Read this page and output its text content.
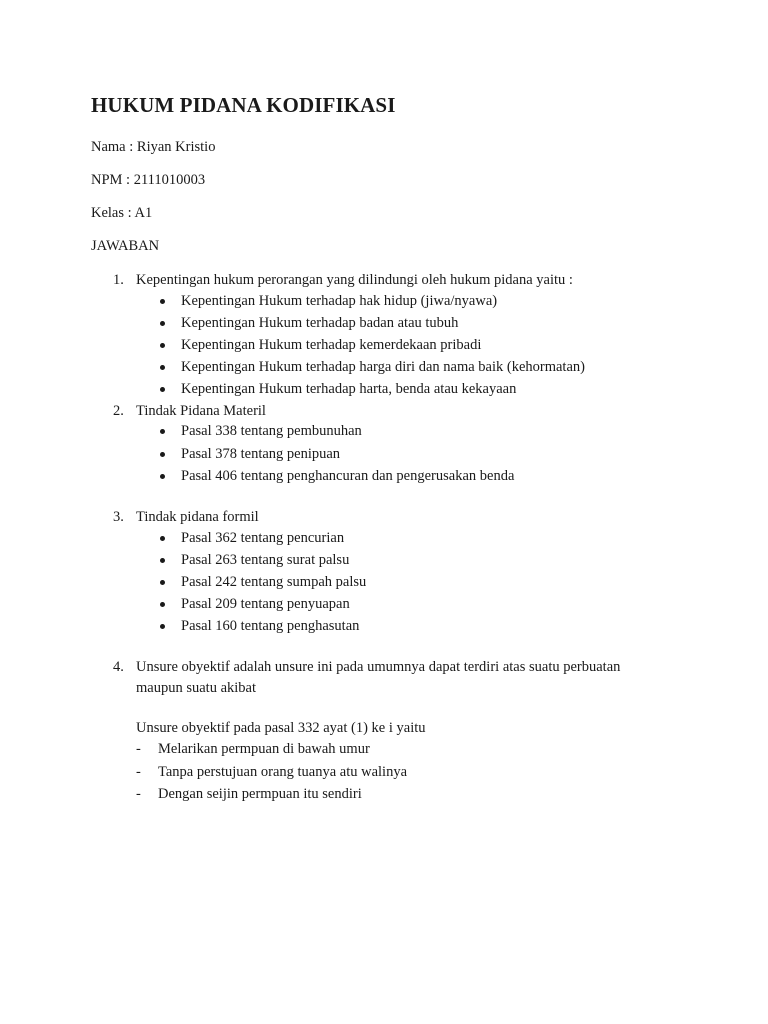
HUKUM PIDANA KODIFIKASI
Nama : Riyan Kristio
NPM : 2111010003
Kelas : A1
JAWABAN
1. Kepentingan hukum perorangan yang dilindungi oleh hukum pidana yaitu :
Kepentingan Hukum terhadap hak hidup (jiwa/nyawa)
Kepentingan Hukum terhadap badan atau tubuh
Kepentingan Hukum terhadap kemerdekaan pribadi
Kepentingan Hukum terhadap harga diri dan nama baik (kehormatan)
Kepentingan Hukum terhadap harta, benda atau kekayaan
2. Tindak Pidana Materil
Pasal 338 tentang pembunuhan
Pasal 378 tentang penipuan
Pasal 406 tentang penghancuran dan pengerusakan benda
3. Tindak pidana formil
Pasal 362 tentang pencurian
Pasal 263 tentang surat palsu
Pasal 242 tentang sumpah palsu
Pasal 209 tentang penyuapan
Pasal 160 tentang penghasutan
4. Unsure obyektif adalah unsure ini pada umumnya dapat terdiri atas suatu perbuatan
maupun suatu akibat
Unsure obyektif pada pasal 332 ayat (1) ke i yaitu
- Melarikan permpuan di bawah umur
- Tanpa perstujuan orang tuanya atu walinya
- Dengan seijin permpuan itu sendiri
